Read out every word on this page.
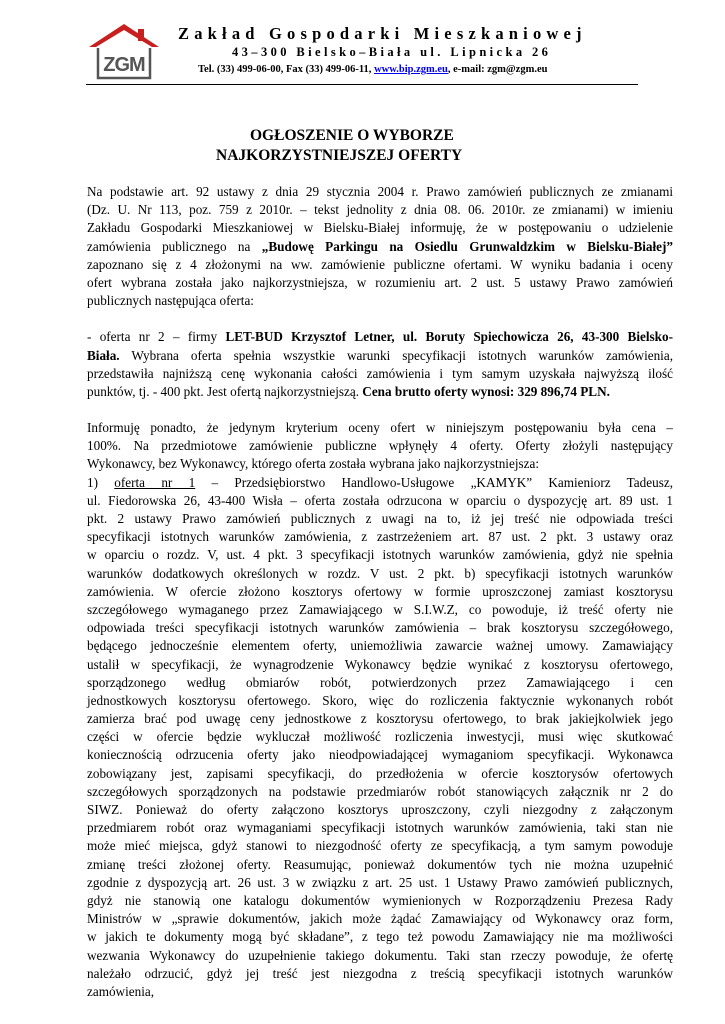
ZGM
Zakład Gospodarki Mieszkaniowej
43–300 Bielsko–Biała ul. Lipnicka 26
Tel. (33) 499-06-00, Fax (33) 499-06-11, www.bip.zgm.eu, e-mail: zgm@zgm.eu
OGŁOSZENIE O WYBORZE
NAJKORZYSTNIEJSZEJ OFERTY

Na podstawie art. 92 ustawy z dnia 29 stycznia 2004 r. Prawo zamówień publicznych ze zmianami

(Dz. U. Nr 113, poz. 759 z 2010r. – tekst jednolity z dnia 08. 06. 2010r. ze zmianami) w imieniu

Zakładu Gospodarki Mieszkaniowej w Bielsku-Białej informuję, że w postępowaniu o udzielenie

zamówienia publicznego na „Budowę Parkingu na Osiedlu Grunwaldzkim w Bielsku-Białej”

zapoznano się z 4 złożonymi na ww. zamówienie publiczne ofertami. W wyniku badania i oceny

ofert wybrana została jako najkorzystniejsza, w rozumieniu art. 2 ust. 5 ustawy Prawo zamówień

publicznych następująca oferta:

- oferta nr 2 – firmy LET-BUD Krzysztof Letner, ul. Boruty Spiechowicza 26, 43-300 Bielsko-

Biała. Wybrana oferta spełnia wszystkie warunki specyfikacji istotnych warunków zamówienia,

przedstawiła najniższą cenę wykonania całości zamówienia i tym samym uzyskała najwyższą ilość

punktów, tj. - 400 pkt. Jest ofertą najkorzystniejszą. Cena brutto oferty wynosi: 329 896,74 PLN.

Informuję ponadto, że jedynym kryterium oceny ofert w niniejszym postępowaniu była cena –

100%. Na przedmiotowe zamówienie publiczne wpłynęły 4 oferty. Oferty złożyli następujący

Wykonawcy, bez Wykonawcy, którego oferta została wybrana jako najkorzystniejsza:

1) oferta nr 1 – Przedsiębiorstwo Handlowo-Usługowe „KAMYK” Kamieniorz Tadeusz,

ul. Fiedorowska 26, 43-400 Wisła – oferta została odrzucona w oparciu o dyspozycję art. 89 ust. 1

pkt. 2 ustawy Prawo zamówień publicznych z uwagi na to, iż jej treść nie odpowiada treści

specyfikacji istotnych warunków zamówienia, z zastrzeżeniem art. 87 ust. 2 pkt. 3 ustawy oraz

w oparciu o rozdz. V, ust. 4 pkt. 3 specyfikacji istotnych warunków zamówienia, gdyż nie spełnia

warunków dodatkowych określonych w rozdz. V ust. 2 pkt. b) specyfikacji istotnych warunków

zamówienia. W ofercie złożono kosztorys ofertowy w formie uproszczonej zamiast kosztorysu

szczegółowego wymaganego przez Zamawiającego w S.I.W.Z, co powoduje, iż treść oferty nie

odpowiada treści specyfikacji istotnych warunków zamówienia – brak kosztorysu szczegółowego,

będącego jednocześnie elementem oferty, uniemożliwia zawarcie ważnej umowy. Zamawiający

ustalił w specyfikacji, że wynagrodzenie Wykonawcy będzie wynikać z kosztorysu ofertowego,

sporządzonego według obmiarów robót, potwierdzonych przez Zamawiającego i cen

jednostkowych kosztorysu ofertowego. Skoro, więc do rozliczenia faktycznie wykonanych robót

zamierza brać pod uwagę ceny jednostkowe z kosztorysu ofertowego, to brak jakiejkolwiek jego

części w ofercie będzie wykluczał możliwość rozliczenia inwestycji, musi więc skutkować

koniecznością odrzucenia oferty jako nieodpowiadającej wymaganiom specyfikacji. Wykonawca

zobowiązany jest, zapisami specyfikacji, do przedłożenia w ofercie kosztorysów ofertowych

szczegółowych sporządzonych na podstawie przedmiarów robót stanowiących załącznik nr 2 do

SIWZ. Ponieważ do oferty załączono kosztorys uproszczony, czyli niezgodny z załączonym

przedmiarem robót oraz wymaganiami specyfikacji istotnych warunków zamówienia, taki stan nie

może mieć miejsca, gdyż stanowi to niezgodność oferty ze specyfikacją, a tym samym powoduje

zmianę treści złożonej oferty. Reasumując, ponieważ dokumentów tych nie można uzupełnić

zgodnie z dyspozycją art. 26 ust. 3 w związku z art. 25 ust. 1 Ustawy Prawo zamówień publicznych,

gdyż nie stanowią one katalogu dokumentów wymienionych w Rozporządzeniu Prezesa Rady

Ministrów w „sprawie dokumentów, jakich może żądać Zamawiający od Wykonawcy oraz form,

w jakich te dokumenty mogą być składane”, z tego też powodu Zamawiający nie ma możliwości

wezwania Wykonawcy do uzupełnienie takiego dokumentu. Taki stan rzeczy powoduje, że ofertę

należało odrzucić, gdyż jej treść jest niezgodna z treścią specyfikacji istotnych warunków

zamówienia,
